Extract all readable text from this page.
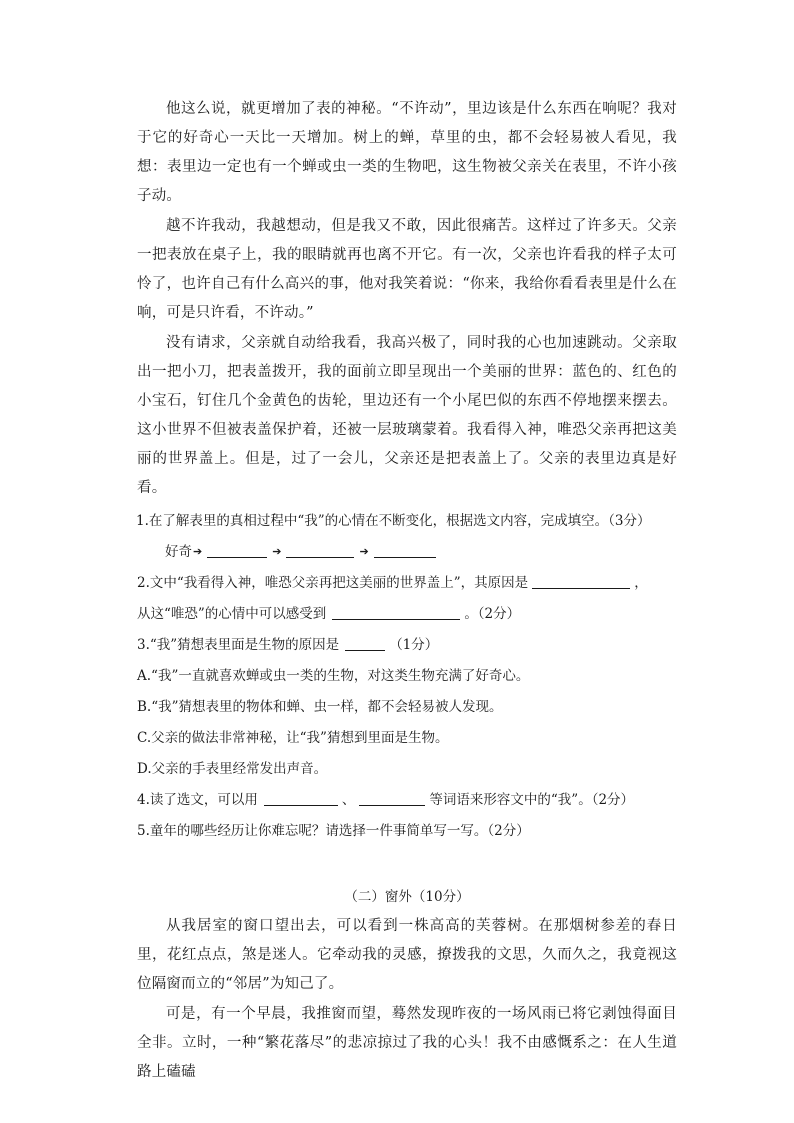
他这么说，就更增加了表的神秘。“不许动”，里边该是什么东西在响呢？我对于它的好奇心一天比一天增加。树上的蝉，草里的虫，都不会轻易被人看见，我想：表里边一定也有一个蝉或虫一类的生物吧，这生物被父亲关在表里，不许小孩子动。

越不许我动，我越想动，但是我又不敢，因此很痛苦。这样过了许多天。父亲一把表放在桌子上，我的眼睛就再也离不开它。有一次，父亲也许看我的样子太可怜了，也许自己有什么高兴的事，他对我笑着说：“你来，我给你看看表里是什么在响，可是只许看，不许动。”

没有请求，父亲就自动给我看，我高兴极了，同时我的心也加速跳动。父亲取出一把小刀，把表盖拨开，我的面前立即呈现出一个美丽的世界：蓝色的、红色的小宝石，钉住几个金黄色的齿轮，里边还有一个小尾巴似的东西不停地摆来摆去。这小世界不但被表盖保护着，还被一层玻璃蒙着。我看得入神，唯恐父亲再把这美丽的世界盖上。但是，过了一会儿，父亲还是把表盖上了。父亲的表里边真是好看。

1.在了解表里的真相过程中“我”的心情在不断变化，根据选文内容，完成填空。（3分）
好奇 ➔	➔	➔
2.文中“我看得入神，唯恐父亲再把这美丽的世界盖上”，其原因是	，
从这“唯恐”的心情中可以感受到	。（2分）
3.“我”猜想表里面是生物的原因是	（1分）
A.“我”一直就喜欢蝉或虫一类的生物，对这类生物充满了好奇心。
B.“我”猜想表里的物体和蝉、虫一样，都不会轻易被人发现。
C.父亲的做法非常神秘，让“我”猜想到里面是生物。
D.父亲的手表里经常发出声音。
4.读了选文，可以用	、	等词语来形容文中的“我”。（2分）
5.童年的哪些经历让你难忘呢？请选择一件事简单写一写。（2分）

（二）窗外（10分）

从我居室的窗口望出去，可以看到一株高高的芙蓉树。在那烟树参差的春日里，花红点点，煞是迷人。它牵动我的灵感，撩拨我的文思，久而久之，我竟视这位隔窗而立的“邻居”为知己了。

可是，有一个早晨，我推窗而望，蓦然发现昨夜的一场风雨已将它剥蚀得面目全非。立时，一种“繁花落尽”的悲凉掠过了我的心头！我不由感慨系之：在人生道路上磕磕
